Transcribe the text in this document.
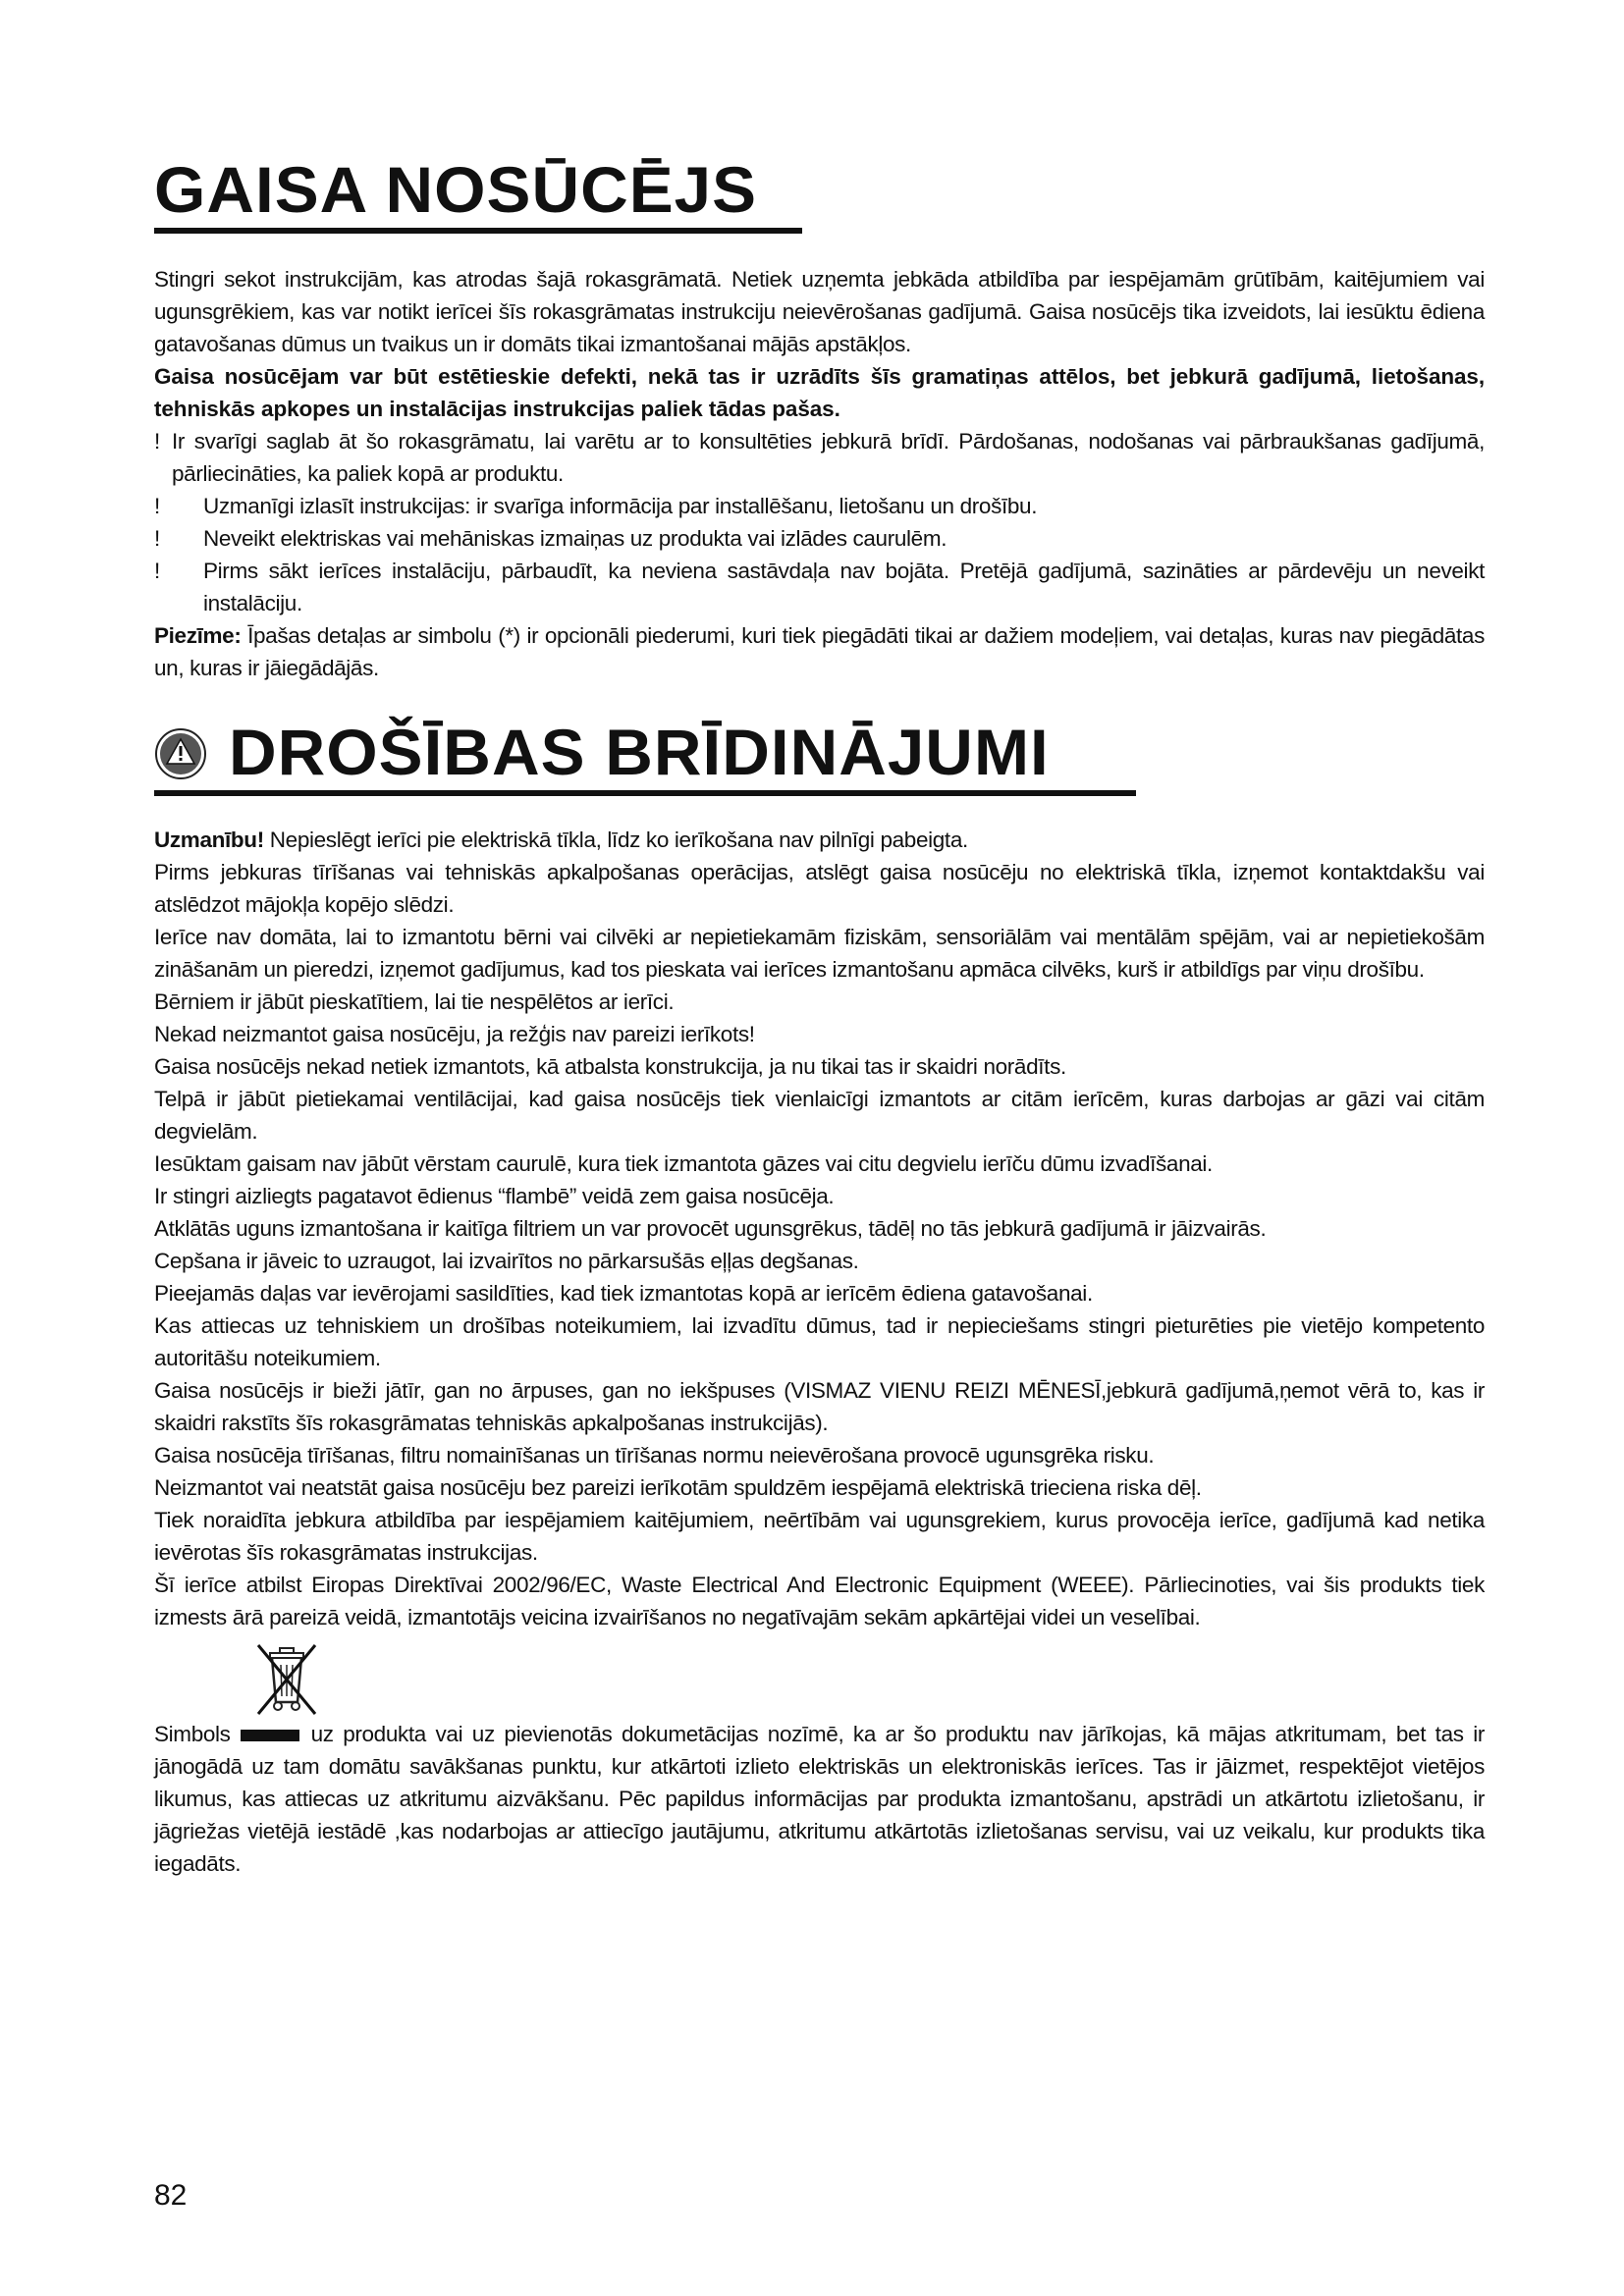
GAISA NOSŪCĒJS

Stingri sekot instrukcijām, kas atrodas šajā rokasgrāmatā. Netiek uzņemta jebkāda atbildība par iespējamām grūtībām, kaitējumiem vai ugunsgrēkiem, kas var notikt ierīcei šīs rokasgrāmatas instrukciju neievērošanas gadījumā. Gaisa nosūcējs tika izveidots, lai iesūktu ēdiena gatavošanas dūmus un tvaikus un ir domāts tikai izmantošanai mājās apstākļos.

Gaisa nosūcējam var būt estētieskie defekti, nekā tas ir uzrādīts šīs gramatiņas attēlos, bet jebkurā gadījumā, lietošanas, tehniskās apkopes un instalācijas instrukcijas paliek tādas pašas.

! Ir svarīgi saglab āt šo rokasgrāmatu, lai varētu ar to konsultēties jebkurā brīdī. Pārdošanas, nodošanas vai pārbraukšanas gadījumā, pārliecināties, ka paliek kopā ar produktu.
!	Uzmanīgi izlasīt instrukcijas: ir svarīga informācija par installēšanu, lietošanu un drošību.
!	Neveikt elektriskas vai mehāniskas izmaiņas uz produkta vai izlādes caurulēm.
!	Pirms sākt ierīces instalāciju, pārbaudīt, ka neviena sastāvdaļa nav bojāta. Pretējā gadījumā, sazināties ar pārdevēju un neveikt instalāciju.

Piezīme: Īpašas detaļas ar simbolu (*) ir opcionāli piederumi, kuri tiek piegādāti tikai ar dažiem modeļiem, vai detaļas, kuras nav piegādātas un, kuras ir jāiegādājās.

DROŠĪBAS BRĪDINĀJUMI

Uzmanību! Nepieslēgt ierīci pie elektriskā tīkla, līdz ko ierīkošana nav pilnīgi pabeigta.

Pirms jebkuras tīrīšanas vai tehniskās apkalpošanas operācijas, atslēgt gaisa nosūcēju no elektriskā tīkla, izņemot kontaktdakšu vai atslēdzot mājokļa kopējo slēdzi.

Ierīce nav domāta, lai to izmantotu bērni vai cilvēki ar nepietiekamām fiziskām, sensoriālām vai mentālām spējām, vai ar nepietiekošām zināšanām un pieredzi, izņemot gadījumus, kad tos pieskata vai ierīces izmantošanu apmāca cilvēks, kurš ir atbildīgs par viņu drošību.

Bērniem ir jābūt pieskatītiem, lai tie nespēlētos ar ierīci.

Nekad neizmantot gaisa nosūcēju, ja režģis nav pareizi ierīkots!

Gaisa nosūcējs nekad netiek izmantots, kā atbalsta konstrukcija, ja nu tikai tas ir skaidri norādīts.

Telpā ir jābūt pietiekamai ventilācijai, kad gaisa nosūcējs tiek vienlaicīgi izmantots ar citām ierīcēm, kuras darbojas ar gāzi vai citām degvielām.

Iesūktam gaisam nav jābūt vērstam caurulē, kura tiek izmantota gāzes vai citu degvielu ierīču dūmu izvadīšanai.

Ir stingri aizliegts pagatavot ēdienus “flambē” veidā zem gaisa nosūcēja.

Atklātās uguns izmantošana ir kaitīga filtriem un var provocēt ugunsgrēkus, tādēļ no tās jebkurā gadījumā ir jāizvairās.

Cepšana ir jāveic to uzraugot, lai izvairītos no pārkarsušās eļļas degšanas.

Pieejamās daļas var ievērojami sasildīties, kad tiek izmantotas kopā ar ierīcēm ēdiena gatavošanai.

Kas attiecas uz tehniskiem un drošības noteikumiem, lai izvadītu dūmus, tad ir nepieciešams stingri pieturēties pie vietējo kompetento autoritāšu noteikumiem.

Gaisa nosūcējs ir bieži jātīr, gan no ārpuses, gan no iekšpuses (VISMAZ VIENU REIZI MĒNESĪ,jebkurā gadījumā,ņemot vērā to, kas ir skaidri rakstīts šīs rokasgrāmatas tehniskās apkalpošanas instrukcijās).

Gaisa nosūcēja tīrīšanas, filtru nomainīšanas un tīrīšanas normu neievērošana provocē ugunsgrēka risku.

Neizmantot vai neatstāt gaisa nosūcēju bez pareizi ierīkotām spuldzēm iespējamā elektriskā trieciena riska dēļ.

Tiek noraidīta jebkura atbildība par iespējamiem kaitējumiem, neērtībām vai ugunsgrekiem, kurus provocēja ierīce, gadījumā kad netika ievērotas šīs rokasgrāmatas instrukcijas.

Šī ierīce atbilst Eiropas Direktīvai 2002/96/EC, Waste Electrical And Electronic Equipment (WEEE). Pārliecinoties, vai šis produkts tiek izmests ārā pareizā veidā, izmantotājs veicina izvairīšanos no negatīvajām sekām apkārtējai videi un veselībai.

Simbols	uz produkta vai uz pievienotās dokumetācijas nozīmē, ka ar šo produktu nav jārīkojas, kā mājas atkritumam, bet tas ir jānogādā uz tam domātu savākšanas punktu, kur atkārtoti izlieto elektriskās un elektroniskās ierīces. Tas ir jāizmet, respektējot vietējos likumus, kas attiecas uz atkritumu aizvākšanu. Pēc papildus informācijas par produkta izmantošanu, apstrādi un atkārtotu izlietošanu, ir jāgriežas vietējā iestādē ,kas nodarbojas ar attiecīgo jautājumu, atkritumu atkārtotās izlietošanas servisu, vai uz veikalu, kur produkts tika iegadāts.

82
